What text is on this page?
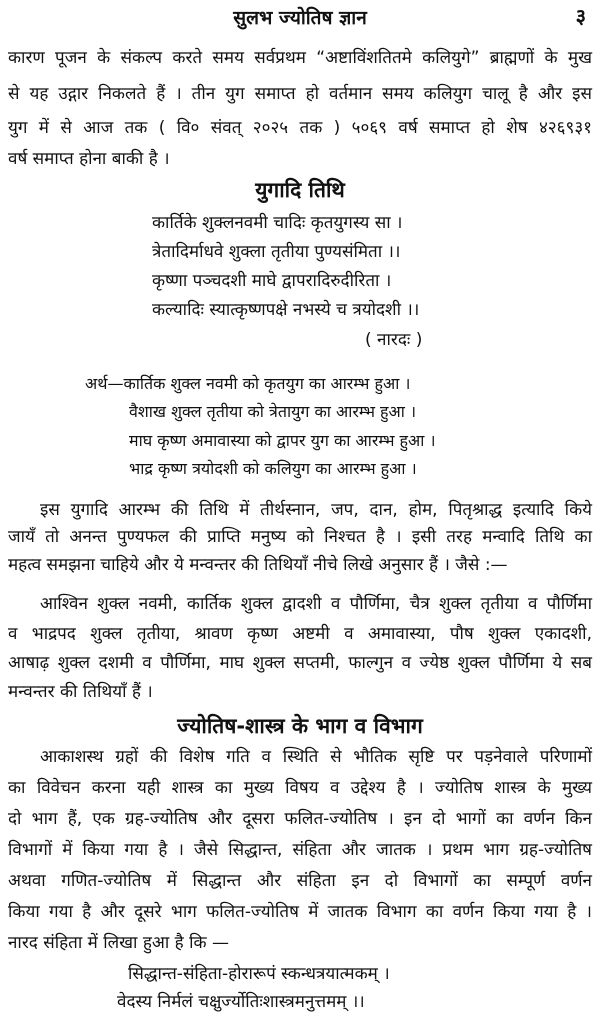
सुलभ ज्योतिष ज्ञान	३
कारण पूजन के संकल्प करते समय सर्वप्रथम “अष्टाविंशतितमे कलियुगे” ब्राह्मणों के मुख
से यह उद्गार निकलते हैं । तीन युग समाप्त हो वर्तमान समय कलियुग चालू है और इस
युग में से आज तक ( वि० संवत् २०२५ तक ) ५०६९ वर्ष समाप्त हो शेष ४२६९३१
वर्ष समाप्त होना बाकी है ।
युगादि तिथि
कार्तिके शुक्लनवमी चादिः कृतयुगस्य सा ।
त्रेतादिर्माधवे शुक्ला तृतीया पुण्यसंमिता ।।
कृष्णा पञ्चदशी माघे द्वापरादिरुदीरिता ।
कल्यादिः स्यात्कृष्णपक्षे नभस्ये च त्रयोदशी ।।
( नारदः )
अर्थ—कार्तिक शुक्ल नवमी को कृतयुग का आरम्भ हुआ ।
वैशाख शुक्ल तृतीया को त्रेतायुग का आरम्भ हुआ ।
माघ कृष्ण अमावास्या को द्वापर युग का आरम्भ हुआ ।
भाद्र कृष्ण त्रयोदशी को कलियुग का आरम्भ हुआ ।
इस युगादि आरम्भ की तिथि में तीर्थस्नान, जप, दान, होम, पितृश्राद्ध इत्यादि किये
जायँ तो अनन्त पुण्यफल की प्राप्ति मनुष्य को निश्चत है । इसी तरह मन्वादि तिथि का
महत्व समझना चाहिये और ये मन्वन्तर की तिथियाँ नीचे लिखे अनुसार हैं । जैसे :—
आश्विन शुक्ल नवमी, कार्तिक शुक्ल द्वादशी व पौर्णिमा, चैत्र शुक्ल तृतीया व पौर्णिमा
व भाद्रपद शुक्ल तृतीया, श्रावण कृष्ण अष्टमी व अमावास्या, पौष शुक्ल एकादशी,
आषाढ़ शुक्ल दशमी व पौर्णिमा, माघ शुक्ल सप्तमी, फाल्गुन व ज्येष्ठ शुक्ल पौर्णिमा ये सब
मन्वन्तर की तिथियाँ हैं ।
ज्योतिष-शास्त्र के भाग व विभाग
आकाशस्थ ग्रहों की विशेष गति व स्थिति से भौतिक सृष्टि पर पड़नेवाले परिणामों
का विवेचन करना यही शास्त्र का मुख्य विषय व उद्देश्य है । ज्योतिष शास्त्र के मुख्य
दो भाग हैं, एक ग्रह-ज्योतिष और दूसरा फलित-ज्योतिष । इन दो भागों का वर्णन किन
विभागों में किया गया है । जैसे सिद्धान्त, संहिता और जातक । प्रथम भाग ग्रह-ज्योतिष
अथवा गणित-ज्योतिष में सिद्धान्त और संहिता इन दो विभागों का सम्पूर्ण वर्णन
किया गया है और दूसरे भाग फलित-ज्योतिष में जातक विभाग का वर्णन किया गया है ।
नारद संहिता में लिखा हुआ है कि —
सिद्धान्त-संहिता-होरारूपं स्कन्धत्रयात्मकम् ।
वेदस्य निर्मलं चक्षुर्ज्योतिःशास्त्रमनुत्तमम् ।।
